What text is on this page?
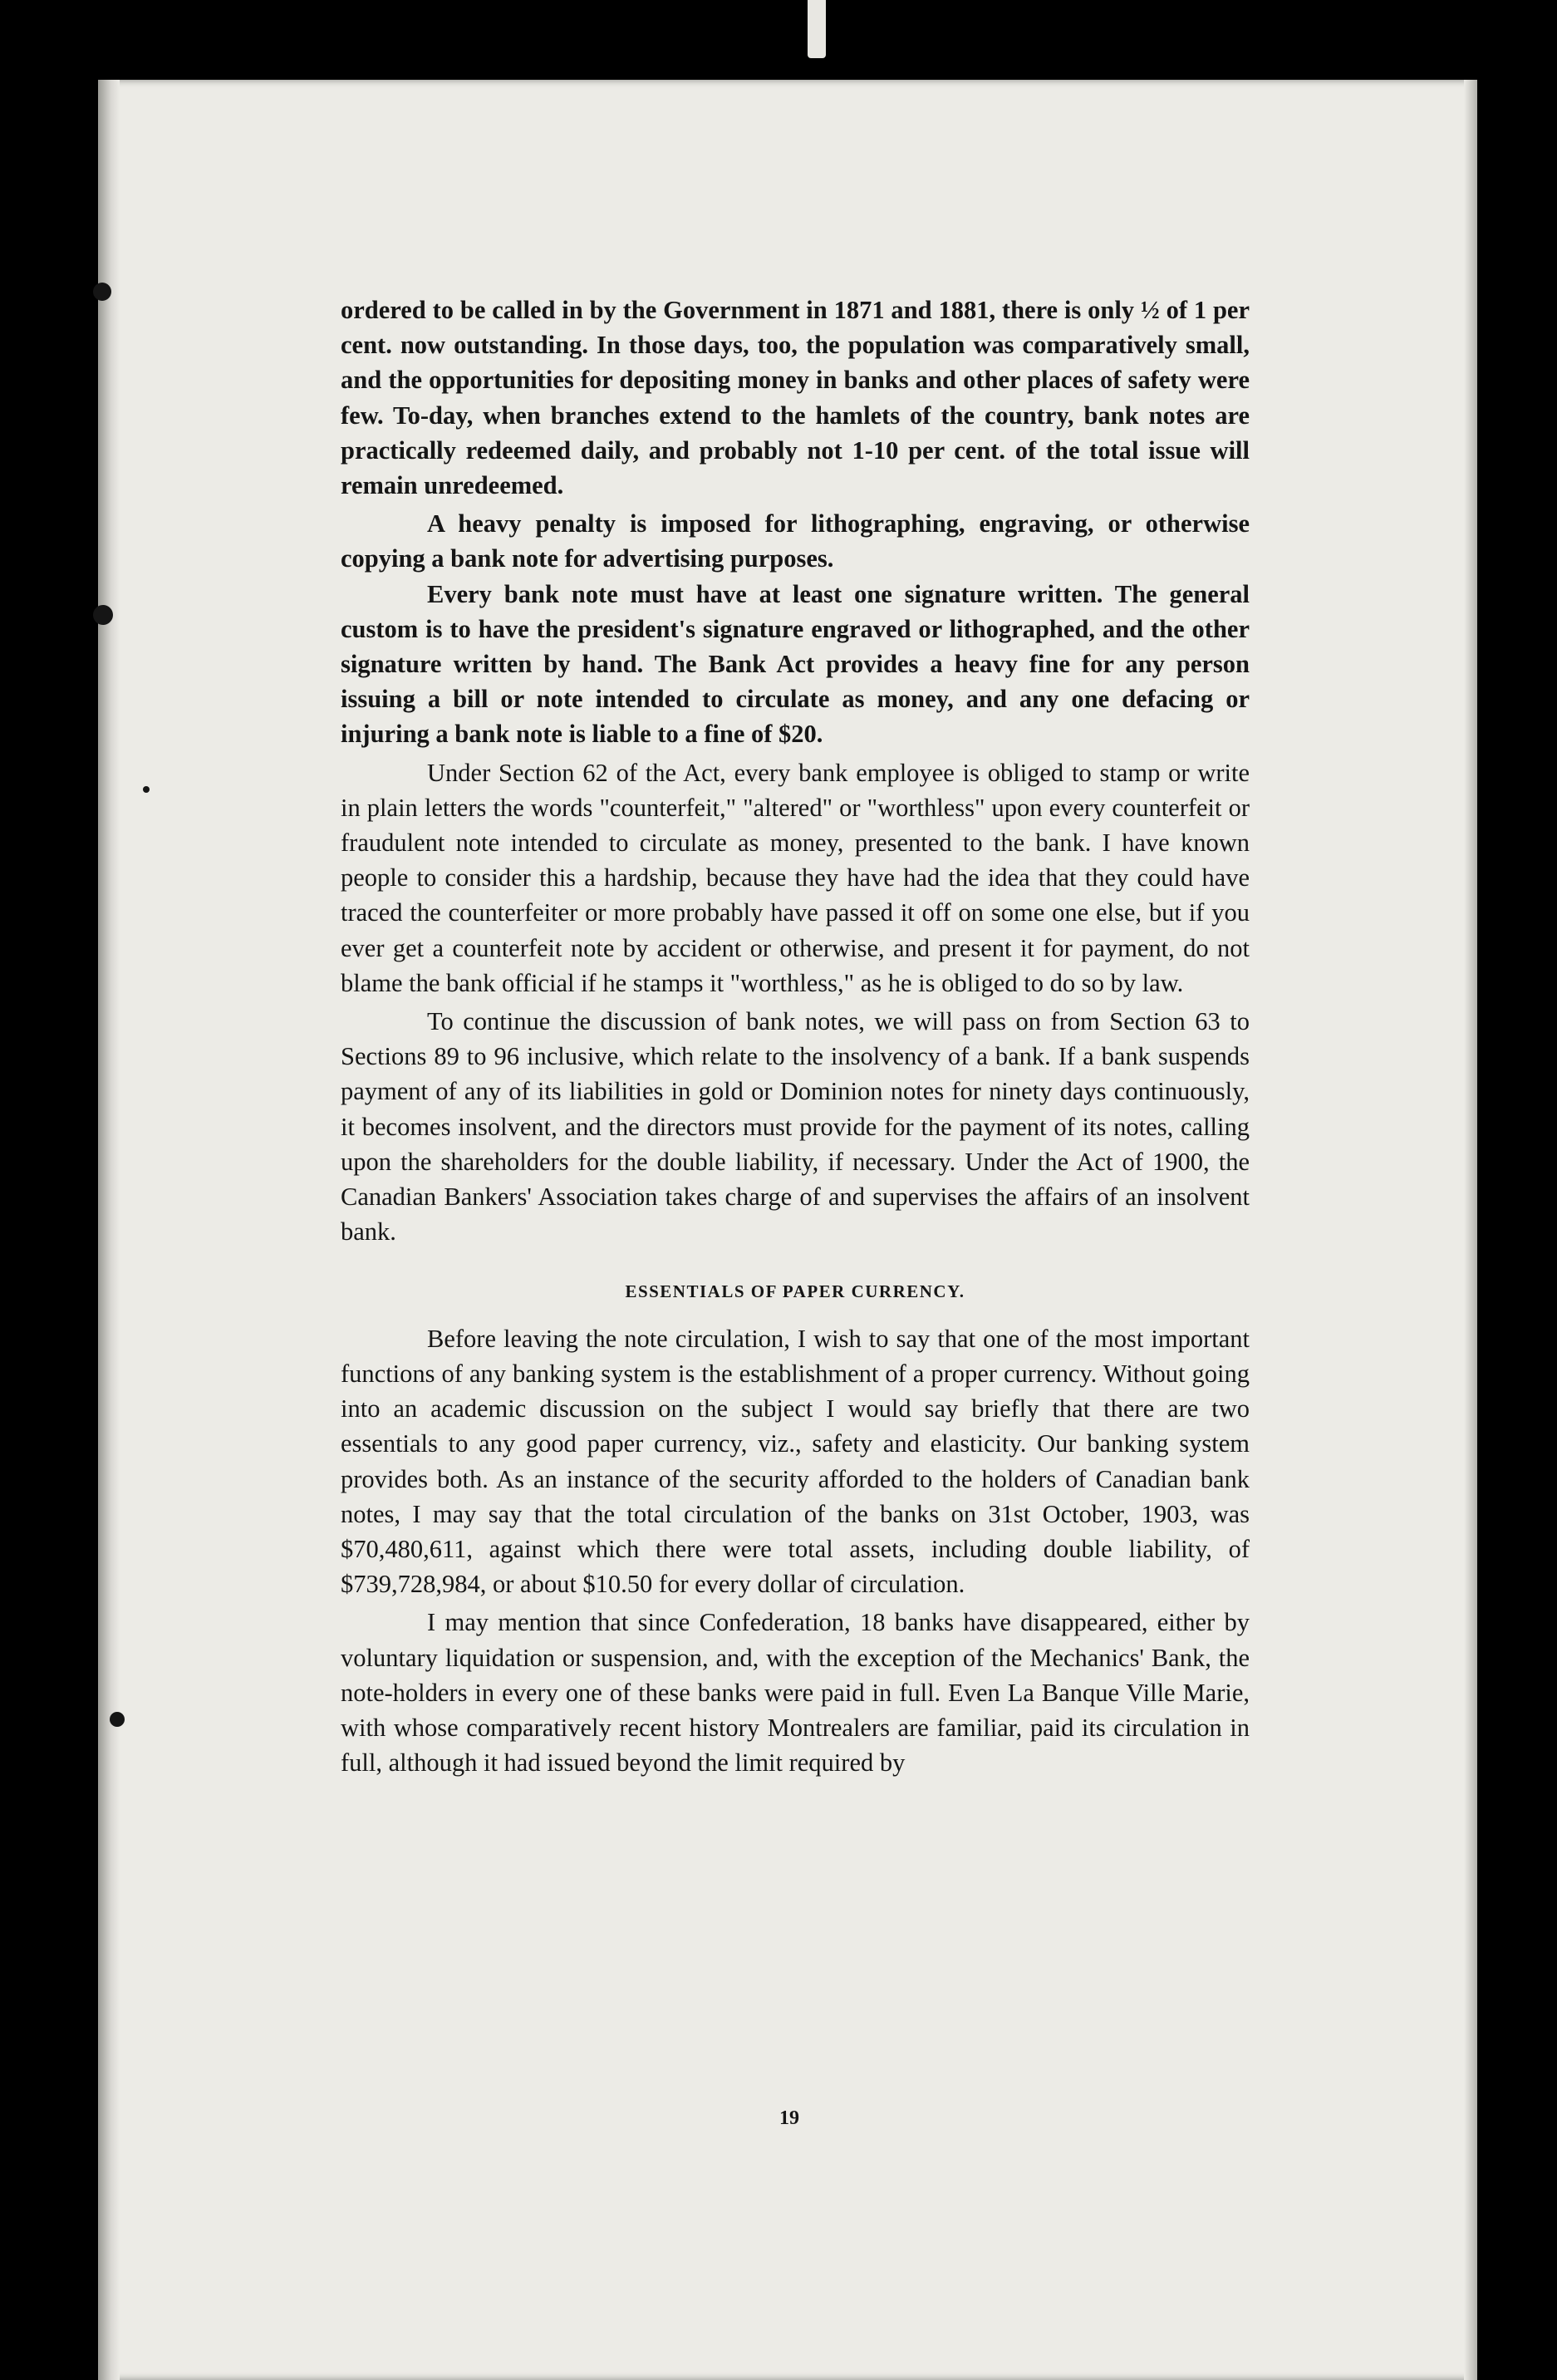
ordered to be called in by the Government in 1871 and 1881, there is only ½ of 1 per cent. now outstanding. In those days, too, the population was comparatively small, and the opportunities for depositing money in banks and other places of safety were few. To-day, when branches extend to the hamlets of the country, bank notes are practically redeemed daily, and probably not 1-10 per cent. of the total issue will remain unredeemed.

A heavy penalty is imposed for lithographing, engraving, or otherwise copying a bank note for advertising purposes.

Every bank note must have at least one signature written. The general custom is to have the president's signature engraved or lithographed, and the other signature written by hand. The Bank Act provides a heavy fine for any person issuing a bill or note intended to circulate as money, and any one defacing or injuring a bank note is liable to a fine of $20.

Under Section 62 of the Act, every bank employee is obliged to stamp or write in plain letters the words "counterfeit," "altered" or "worthless" upon every counterfeit or fraudulent note intended to circulate as money, presented to the bank. I have known people to consider this a hardship, because they have had the idea that they could have traced the counterfeiter or more probably have passed it off on some one else, but if you ever get a counterfeit note by accident or otherwise, and present it for payment, do not blame the bank official if he stamps it "worthless," as he is obliged to do so by law.

To continue the discussion of bank notes, we will pass on from Section 63 to Sections 89 to 96 inclusive, which relate to the insolvency of a bank. If a bank suspends payment of any of its liabilities in gold or Dominion notes for ninety days continuously, it becomes insolvent, and the directors must provide for the payment of its notes, calling upon the shareholders for the double liability, if necessary. Under the Act of 1900, the Canadian Bankers' Association takes charge of and supervises the affairs of an insolvent bank.

ESSENTIALS OF PAPER CURRENCY.

Before leaving the note circulation, I wish to say that one of the most important functions of any banking system is the establishment of a proper currency. Without going into an academic discussion on the subject I would say briefly that there are two essentials to any good paper currency, viz., safety and elasticity. Our banking system provides both. As an instance of the security afforded to the holders of Canadian bank notes, I may say that the total circulation of the banks on 31st October, 1903, was $70,480,611, against which there were total assets, including double liability, of $739,728,984, or about $10.50 for every dollar of circulation.

I may mention that since Confederation, 18 banks have disappeared, either by voluntary liquidation or suspension, and, with the exception of the Mechanics' Bank, the note-holders in every one of these banks were paid in full. Even La Banque Ville Marie, with whose comparatively recent history Montrealers are familiar, paid its circulation in full, although it had issued beyond the limit required by

19
